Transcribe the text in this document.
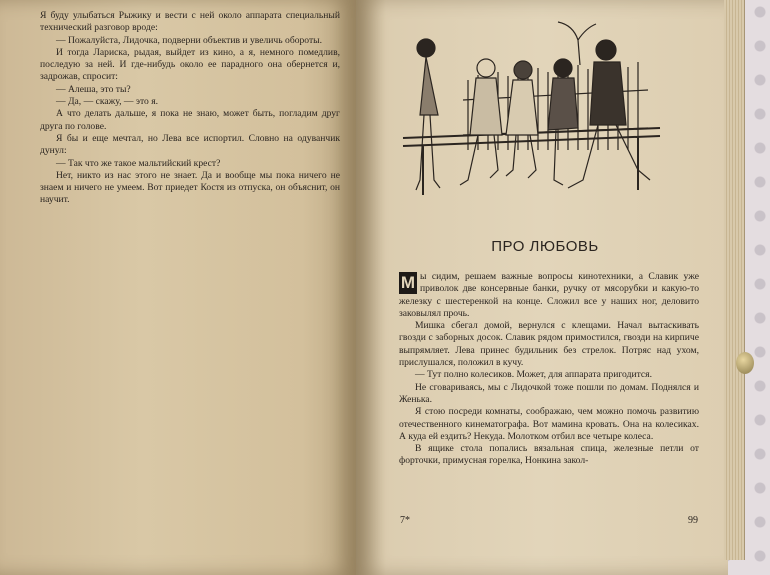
Я буду улыбаться Рыжику и вести с ней около аппарата специальный технический разговор вроде:

— Пожалуйста, Лидочка, подверни объектив и увеличь обороты.

И тогда Лариска, рыдая, выйдет из кино, а я, немного помедлив, последую за ней. И где-нибудь около ее парадного она обернется и, задрожав, спросит:

— Алеша, это ты?

— Да, — скажу, — это я.

А что делать дальше, я пока не знаю, может быть, погладим друг друга по голове.

Я бы и еще мечтал, но Лева все испортил. Словно на одуванчик дунул:

— Так что же такое мальтийский крест?

Нет, никто из нас этого не знает. Да и вообще мы пока ничего не знаем и ничего не умеем. Вот приедет Костя из отпуска, он объяснит, он научит.

ПРО ЛЮБОВЬ

М ы сидим, решаем важные вопросы кинотехники, а Славик уже приволок две консервные банки, ручку от мясорубки и какую-то железку с шестеренкой на конце. Сложил все у наших ног, деловито заковылял прочь.

Мишка сбегал домой, вернулся с клещами. Начал вытаскивать гвозди с заборных досок. Славик рядом примостился, гвозди на кирпиче выпрямляет. Лева принес будильник без стрелок. Потряс над ухом, прислушался, положил в кучу.

— Тут полно колесиков. Может, для аппарата пригодится.

Не сговариваясь, мы с Лидочкой тоже пошли по домам. Поднялся и Женька.

Я стою посреди комнаты, соображаю, чем можно помочь развитию отечественного кинематографа. Вот мамина кровать. Она на колесиках. А куда ей ездить? Некуда. Молотком отбил все четыре колеса.

В ящике стола попались вязальная спица, железные петли от форточки, примусная горелка, Нонкина закол-

7*	99
